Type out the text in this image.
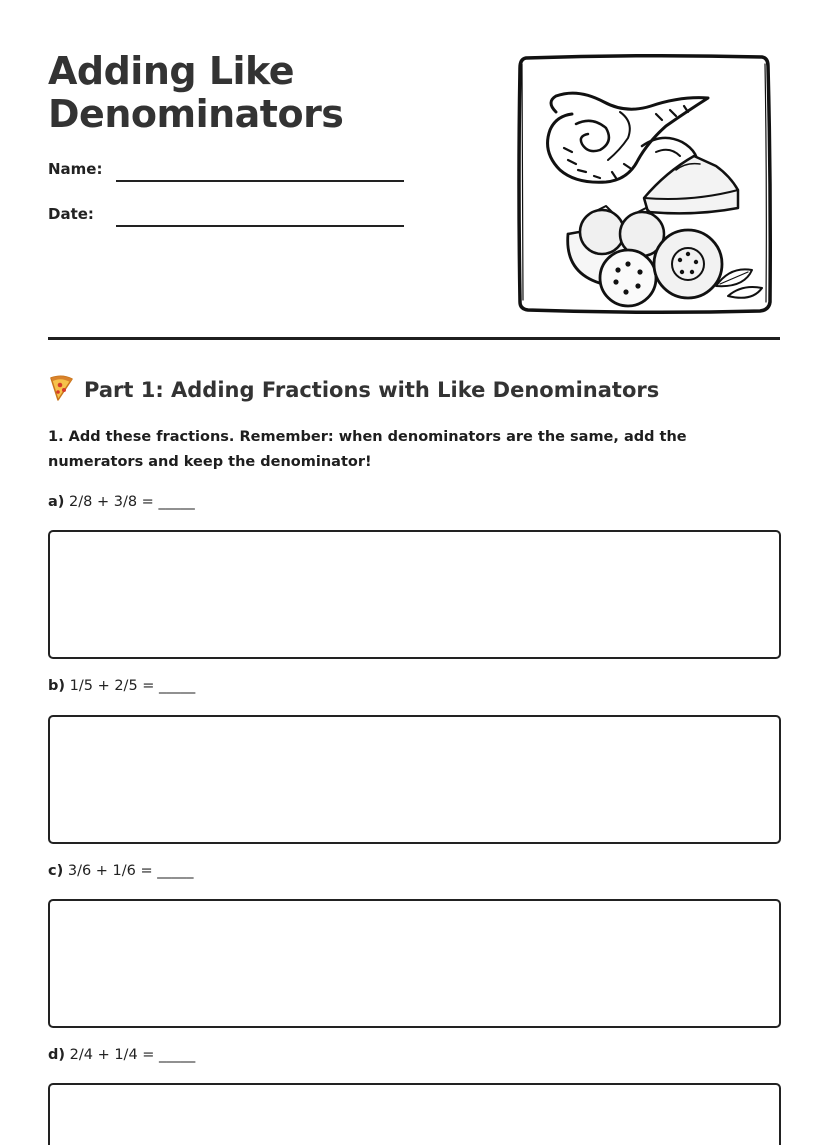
Adding Like
Denominators
Name:
Date:
Part 1: Adding Fractions with Like Denominators

1. Add these fractions. Remember: when denominators are the same, add the numerators and keep the denominator!

a) 2/8 + 3/8 = _____
b) 1/5 + 2/5 = _____
c) 3/6 + 1/6 = _____
d) 2/4 + 1/4 = _____
